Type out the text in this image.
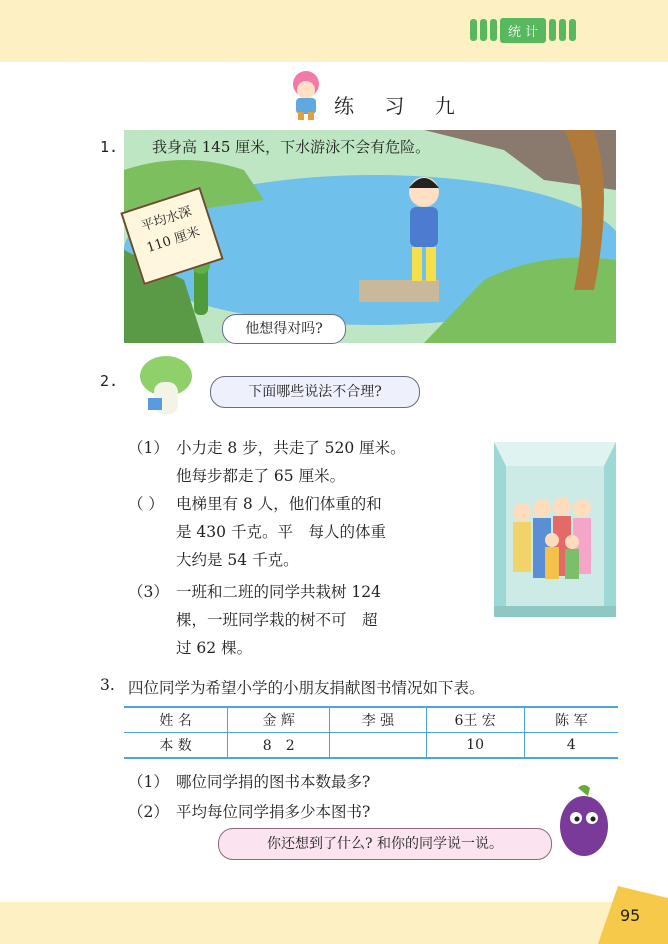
统 计
练 习 九
1. 我身高 145 厘米，下水游泳不会有危险。
平均水深
110 厘米
他想得对吗?
2.
下面哪些说法不合理?
（1） 小力走 8 步，共走了 520 厘米。
他每步都走了 65 厘米。
（ ） 电梯里有 8 人，他们体重的和
是 430 千克。平　每人的体重
大约是 54 千克。
（3） 一班和二班的同学共栽树 124
棵，一班同学栽的树不可　超
过 62 棵。
3. 四位同学为希望小学的小朋友捐献图书情况如下表。
姓 名	金 辉	李 强	6王 宏	陈 军
本 数	8　2		10	4
（1） 哪位同学捐的图书本数最多?
（2） 平均每位同学捐多少本图书?
你还想到了什么? 和你的同学说一说。
95
